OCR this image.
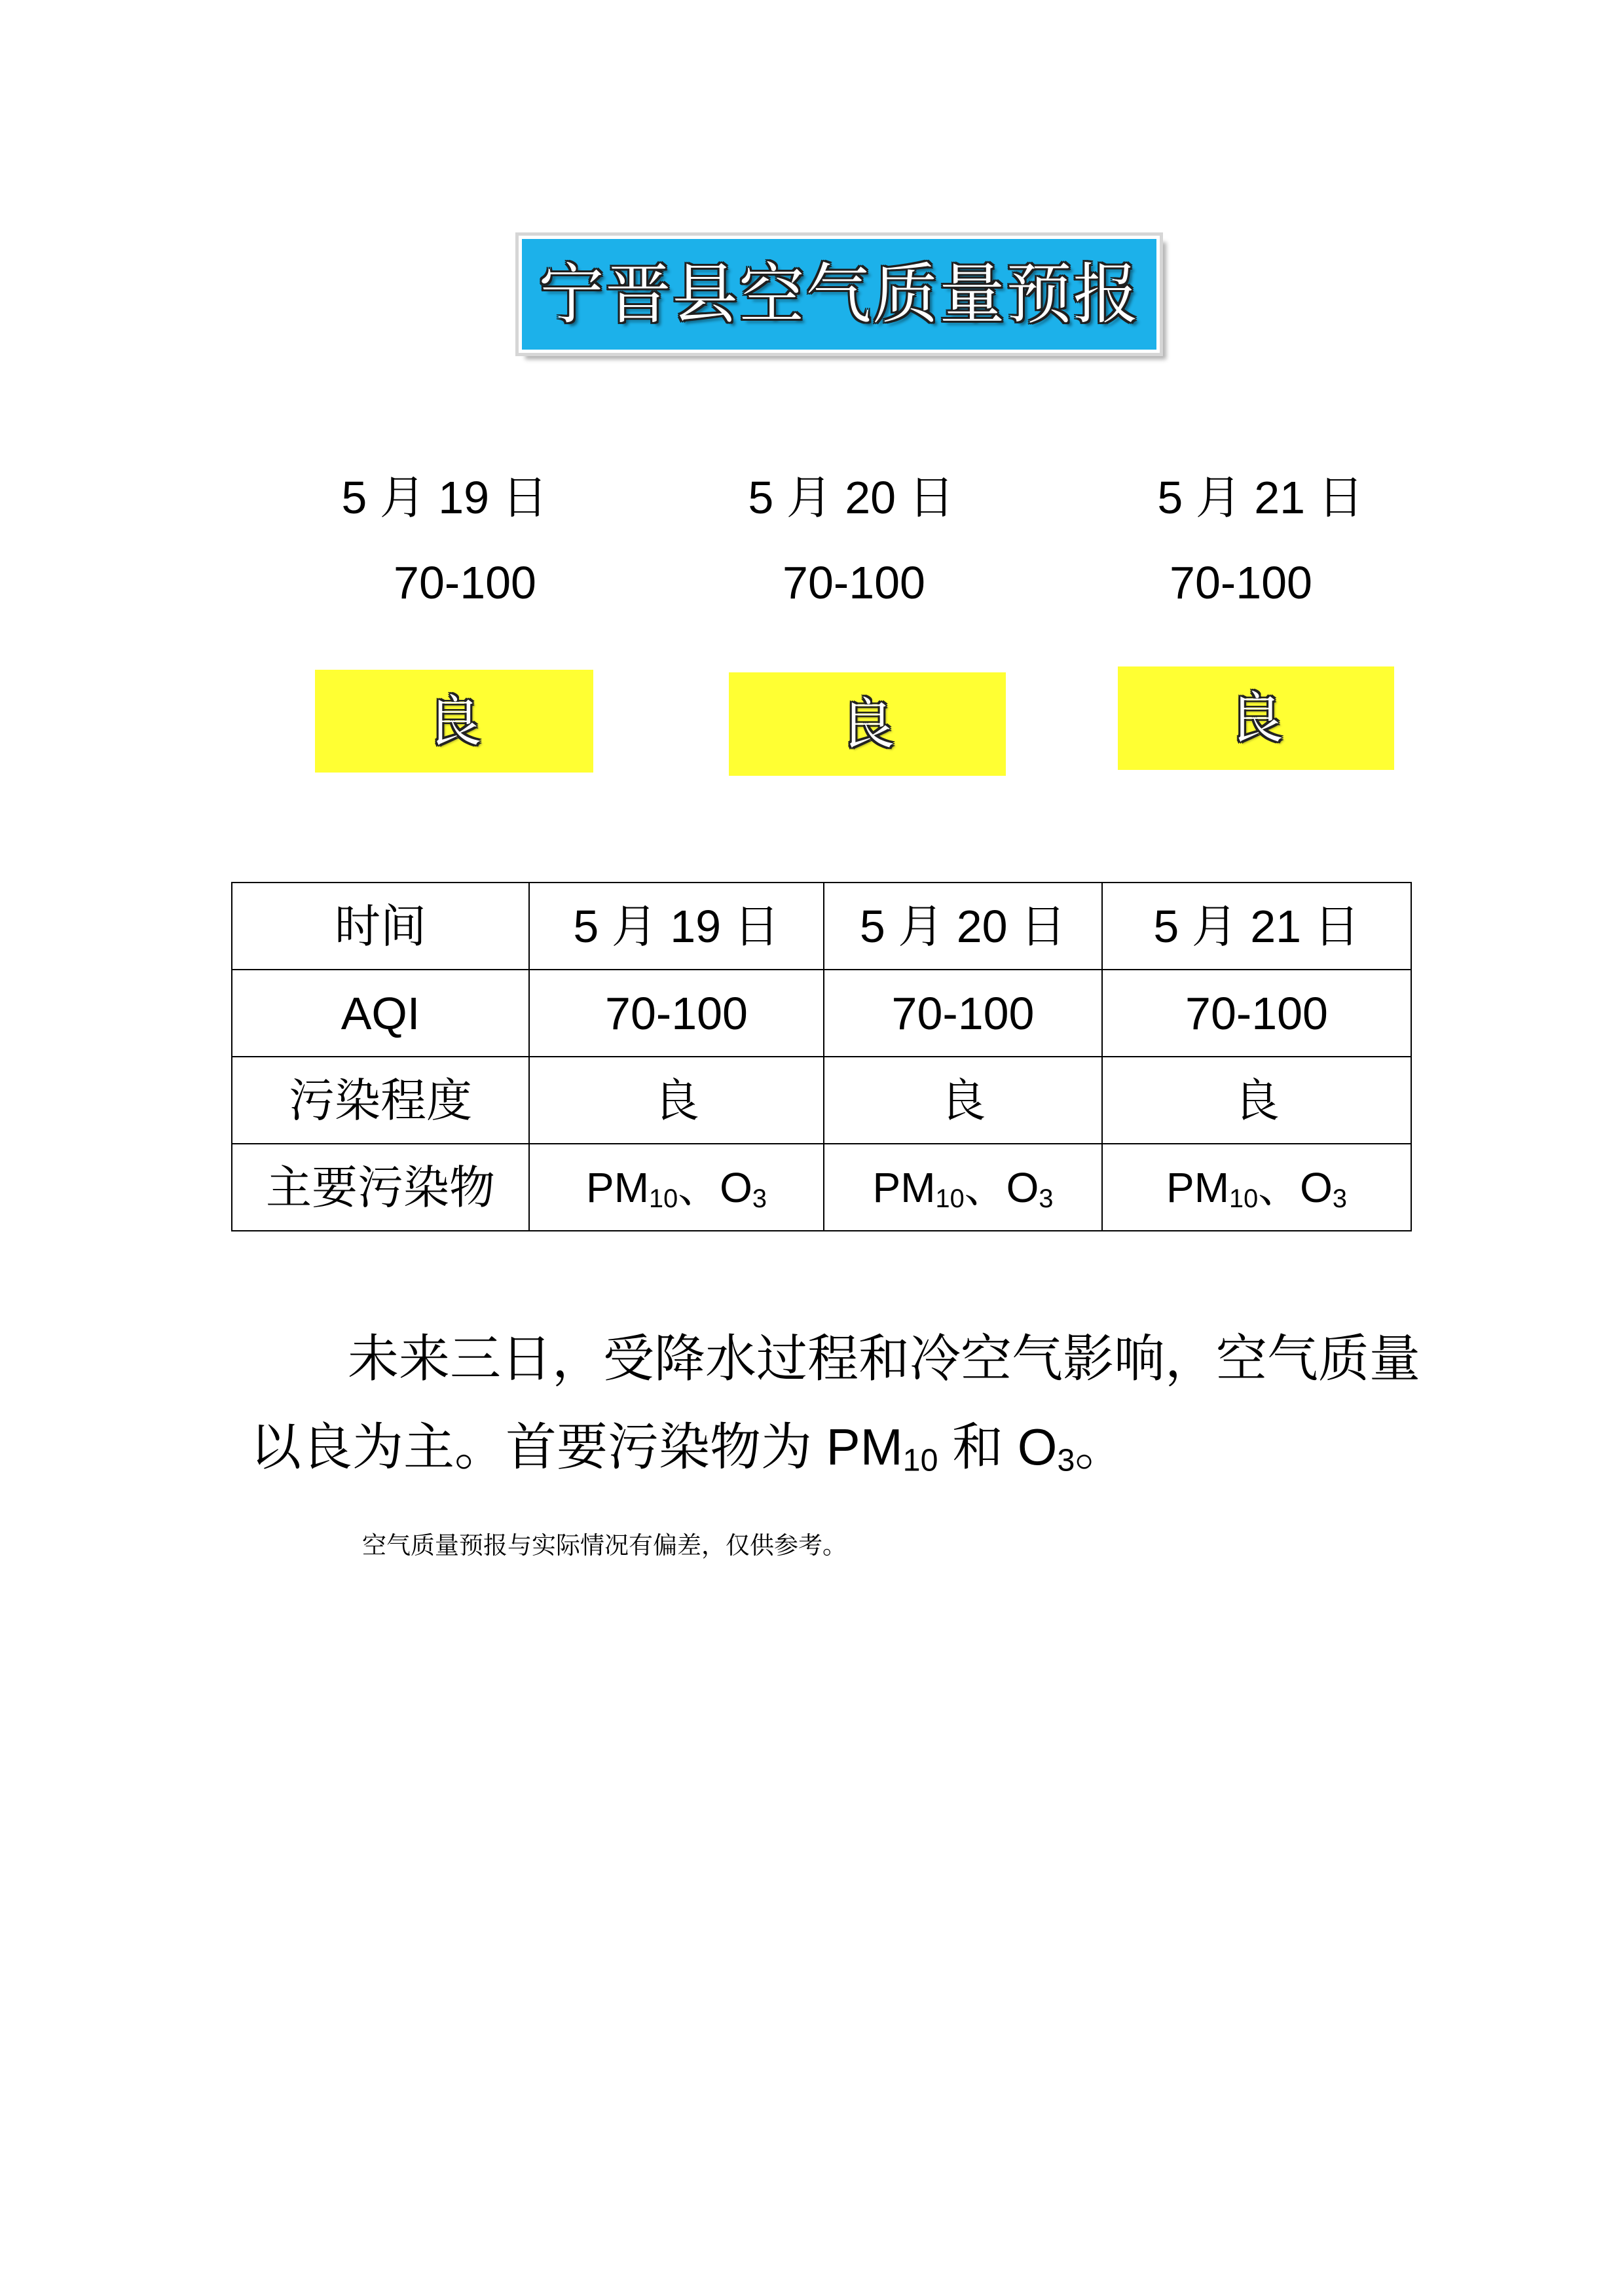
宁晋县空气质量预报
5 月 19 日	5 月 20 日	5 月 21 日
70-100	70-100	70-100
良	良	良
时间	5 月 19 日	5 月 20 日	5 月 21 日
AQI	70-100	70-100	70-100
污染程度	良	良	良
主要污染物	$PM_{10}$、$O_3$	$PM_{10}$、$O_3$	$PM_{10}$、$O_3$
未来三日，受降水过程和冷空气影响，空气质量
以良为主。首要污染物为 $PM_{10}$ 和 $O_3$。
空气质量预报与实际情况有偏差，仅供参考。
